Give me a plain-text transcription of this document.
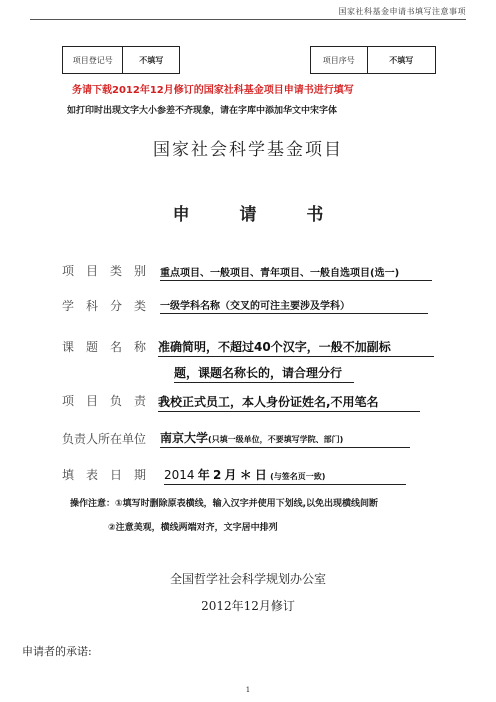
国家社科基金申请书填写注意事项
项目登记号	不填写	项目序号	不填写
务请下载2012年12月修订的国家社科基金项目申请书进行填写
如打印时出现文字大小参差不齐现象，请在字库中添加华文中宋字体
国家社会科学基金项目
申	请	书
项　目　类　别 重点项目、一般项目、青年项目、一般自选项目(选一)
学　科　分　类 一级学科名称（交叉的可注主要涉及学科）
课　题　名　称 准确简明，不超过40个汉字，一般不加副标
题，课题名称长的，请合理分行
项　目　负　责　人
我校正式员工，本人身份证姓名,不用笔名
负责人所在单位 南京大学(只填一级单位，不要填写学院、部门)
填　表　日　期 2014 年 2 月 ＊ 日 (与签名页一致)
操作注意：①填写时删除原表横线，输入汉字并使用下划线,以免出现横线间断
②注意美观，横线两端对齐，文字居中排列
全国哲学社会科学规划办公室
2012年12月修订
申请者的承诺:
1
